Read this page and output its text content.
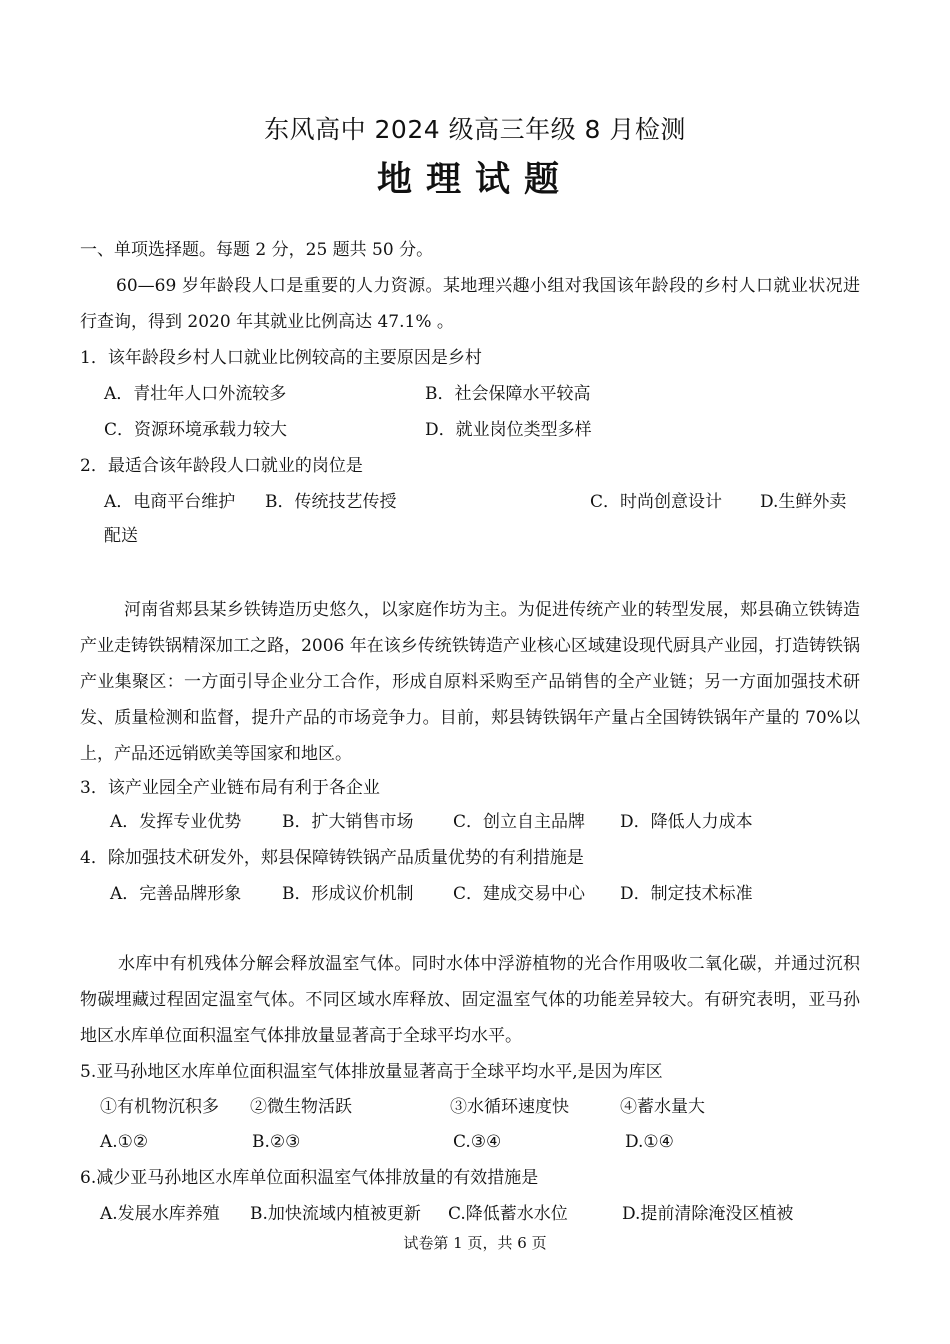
东风高中 2024 级高三年级 8 月检测
地理试题
一、单项选择题。每题 2 分，25 题共 50 分。
60—69 岁年龄段人口是重要的人力资源。某地理兴趣小组对我国该年龄段的乡村人口就业状况进行查询，得到 2020 年其就业比例高达 47.1% 。
1．该年龄段乡村人口就业比例较高的主要原因是乡村
A．青壮年人口外流较多	B．社会保障水平较高
C．资源环境承载力较大	D．就业岗位类型多样
2．最适合该年龄段人口就业的岗位是
A．电商平台维护 B．传统技艺传授	C．时尚创意设计 D.生鲜外卖
配送
河南省郏县某乡铁铸造历史悠久，以家庭作坊为主。为促进传统产业的转型发展，郏县确立铁铸造产业走铸铁锅精深加工之路，2006 年在该乡传统铁铸造产业核心区域建设现代厨具产业园，打造铸铁锅产业集聚区：一方面引导企业分工合作，形成自原料采购至产品销售的全产业链；另一方面加强技术研发、质量检测和监督，提升产品的市场竞争力。目前，郏县铸铁锅年产量占全国铸铁锅年产量的 70%以上，产品还远销欧美等国家和地区。
3．该产业园全产业链布局有利于各企业
A．发挥专业优势 B．扩大销售市场 C．创立自主品牌 D．降低人力成本
4．除加强技术研发外，郏县保障铸铁锅产品质量优势的有利措施是
A．完善品牌形象 B．形成议价机制 C．建成交易中心 D．制定技术标准
水库中有机残体分解会释放温室气体。同时水体中浮游植物的光合作用吸收二氧化碳，并通过沉积物碳埋藏过程固定温室气体。不同区域水库释放、固定温室气体的功能差异较大。有研究表明，亚马孙地区水库单位面积温室气体排放量显著高于全球平均水平。
5.亚马孙地区水库单位面积温室气体排放量显著高于全球平均水平,是因为库区
①有机物沉积多 ②微生物活跃	③水循环速度快	④蓄水量大
A.①②	B.②③	C.③④	D.①④
6.减少亚马孙地区水库单位面积温室气体排放量的有效措施是
A.发展水库养殖 B.加快流域内植被更新 C.降低蓄水水位	D.提前清除淹没区植被
试卷第 1 页，共 6 页
